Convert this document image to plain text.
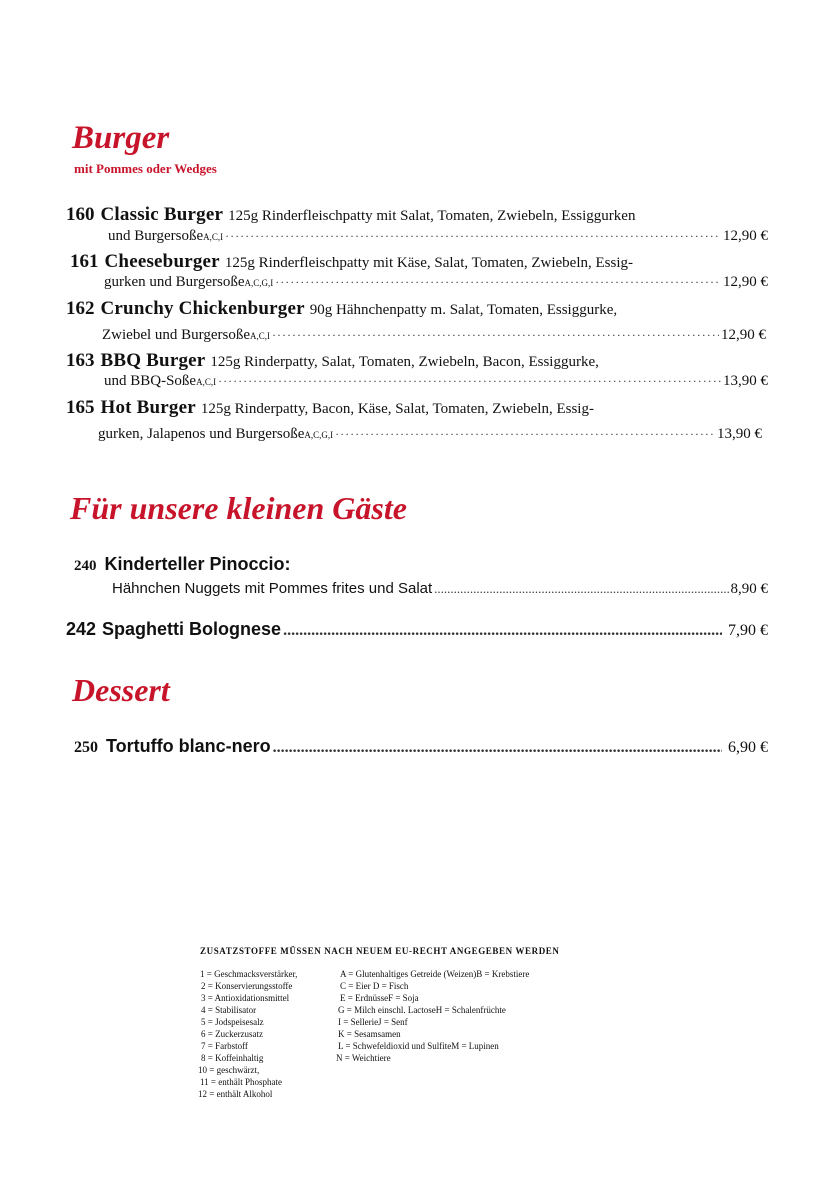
Burger
mit Pommes oder Wedges
160 Classic Burger 125g Rinderfleischpatty mit Salat, Tomaten, Zwiebeln, Essiggurken
und Burgersoße A,C,I ·····	12,90 €
161 Cheeseburger 125g Rinderfleischpatty mit Käse, Salat, Tomaten, Zwiebeln, Essig-
gurken und Burgersoße A,C,G,I ·····	12,90 €
162 Crunchy Chickenburger 90g Hähnchenpatty m. Salat, Tomaten, Essiggurke,
Zwiebel und Burgersoße A,C,I ·····	12,90 €
163 BBQ Burger 125g Rinderpatty, Salat, Tomaten, Zwiebeln, Bacon, Essiggurke,
und BBQ-Soße A,C,I ·····	13,90 €
165 Hot Burger 125g Rinderpatty, Bacon, Käse, Salat, Tomaten, Zwiebeln, Essig-
gurken, Jalapenos und Burgersoße A,C,G,I ·····	13,90 €
Für unsere kleinen Gäste
240 Kinderteller Pinoccio:
Hähnchen Nuggets mit Pommes frites und Salat .....	8,90 €
242 Spaghetti Bolognese .....	7,90 €
Dessert
250 Tortuffo blanc-nero .....	6,90 €
ZUSATZSTOFFE MÜSSEN NACH NEUEM EU-RECHT ANGEGEBEN WERDEN
1 = Geschmacksverstärker,
2 = Konservierungsstoffe
3 = Antioxidationsmittel
4 = Stabilisator
5 = Jodspeisesalz
6 = Zuckerzusatz
7 = Farbstoff
8 = Koffeinhaltig
10 = geschwärzt,
11 = enthält Phosphate
12 = enthält Alkohol
A = Glutenhaltiges Getreide (Weizen)B = Krebstiere
C = Eier D = Fisch
E = ErdnüsseF = Soja
G = Milch einschl. LactoseH = Schalenfrüchte
I = SellerieJ = Senf
K = Sesamsamen
L = Schwefeldioxid und SulfiteM = Lupinen
N = Weichtiere
